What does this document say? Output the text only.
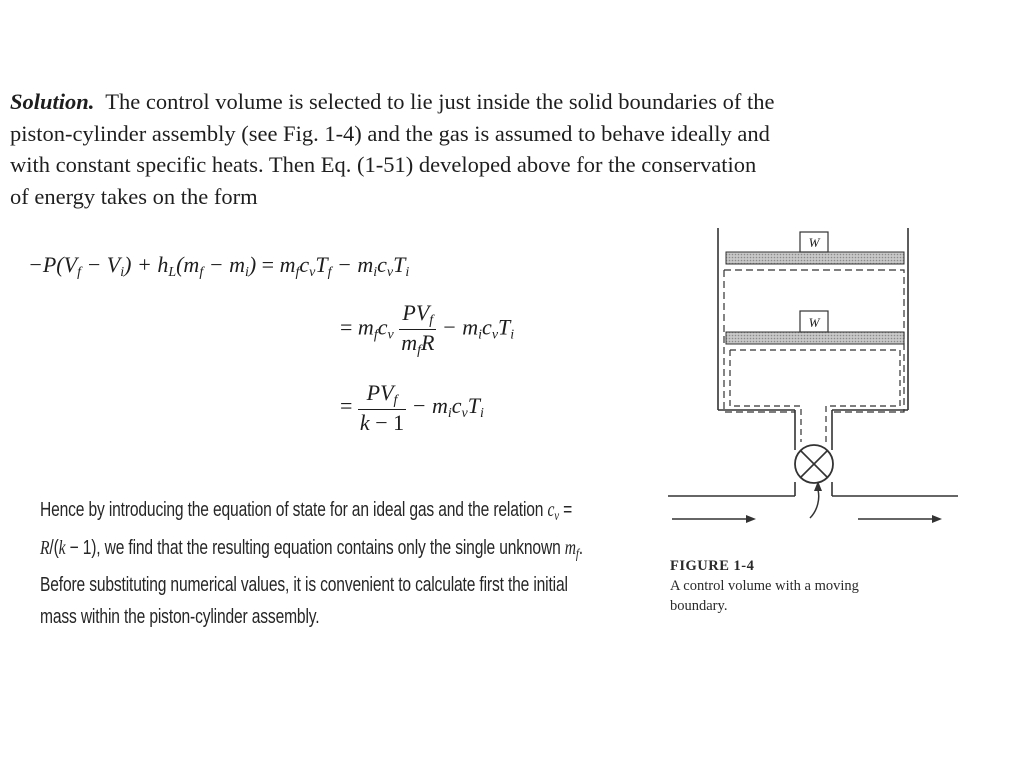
Solution. The control volume is selected to lie just inside the solid boundaries of the
piston-cylinder assembly (see Fig. 1-4) and the gas is assumed to behave ideally and
with constant specific heats. Then Eq. (1-51) developed above for the conservation
of energy takes on the form
$-P(V_f - V_i) + h_L(m_f - m_i) = m_fc_vT_f - m_ic_vT_i$
= $m_fc_v \frac{PV_f}{m_fR} - m_ic_vT_i$
= $\frac{PV_f}{k - 1} - m_ic_vT_i$
Hence by introducing the equation of state for an ideal gas and the relation $c_v$ =
R/(k − 1), we find that the resulting equation contains only the single unknown $m_f$.
Before substituting numerical values, it is convenient to calculate first the initial
mass within the piston-cylinder assembly.
W
W
FIGURE 1-4
A control volume with a moving
boundary.
